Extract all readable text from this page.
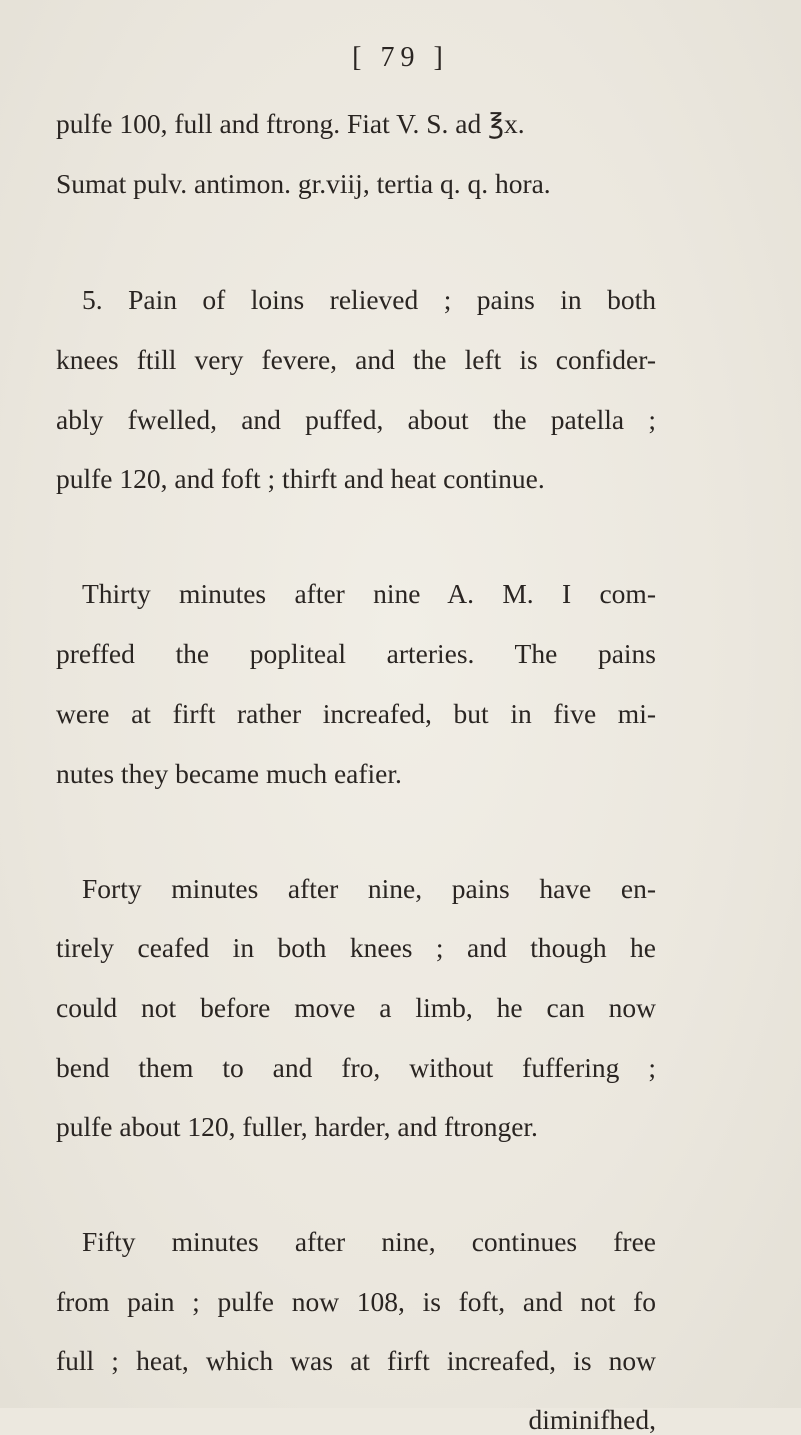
[ 79 ]
pulfe 100, full and ftrong. Fiat V. S. ad ℥x.
Sumat pulv. antimon. gr.viij, tertia q. q. hora.
5. Pain of loins relieved ; pains in both
knees ftill very fevere, and the left is confider-
ably fwelled, and puffed, about the patella ;
pulfe 120, and foft ; thirft and heat continue.
Thirty minutes after nine A. M. I com-
preffed the popliteal arteries. The pains
were at firft rather increafed, but in five mi-
nutes they became much eafier.
Forty minutes after nine, pains have en-
tirely ceafed in both knees ; and though he
could not before move a limb, he can now
bend them to and fro, without fuffering ;
pulfe about 120, fuller, harder, and ftronger.
Fifty minutes after nine, continues free
from pain ; pulfe now 108, is foft, and not fo
full ; heat, which was at firft increafed, is now
diminifhed,
